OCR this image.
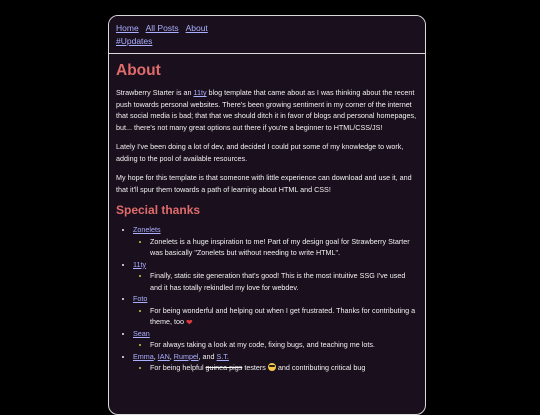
Home All Posts About
#Updates
About

Strawberry Starter is an 11ty blog template that came about as I was thinking about the recent push towards personal websites. There's been growing sentiment in my corner of the internet that social media is bad; that that we should ditch it in favor of blogs and personal homepages, but... there's not many great options out there if you're a beginner to HTML/CSS/JS!

Lately I've been doing a lot of dev, and decided I could put some of my knowledge to work, adding to the pool of available resources.

My hope for this template is that someone with little experience can download and use it, and that it'll spur them towards a path of learning about HTML and CSS!

Special thanks
• Zonelets
▪ Zonelets is a huge inspiration to me! Part of my design goal for Strawberry Starter was basically "Zonelets but without needing to write HTML".
• 11ty
▪ Finally, static site generation that's good! This is the most intuitive SSG I've used and it has totally rekindled my love for webdev.
• Foto
▪ For being wonderful and helping out when I get frustrated. Thanks for contributing a theme, too ❤
• Sean
▪ For always taking a look at my code, fixing bugs, and teaching me lots.
• Emma, IAN, Rumpel, and S.T.
▪ For being helpful guinea pigs testers  and contributing critical bug
